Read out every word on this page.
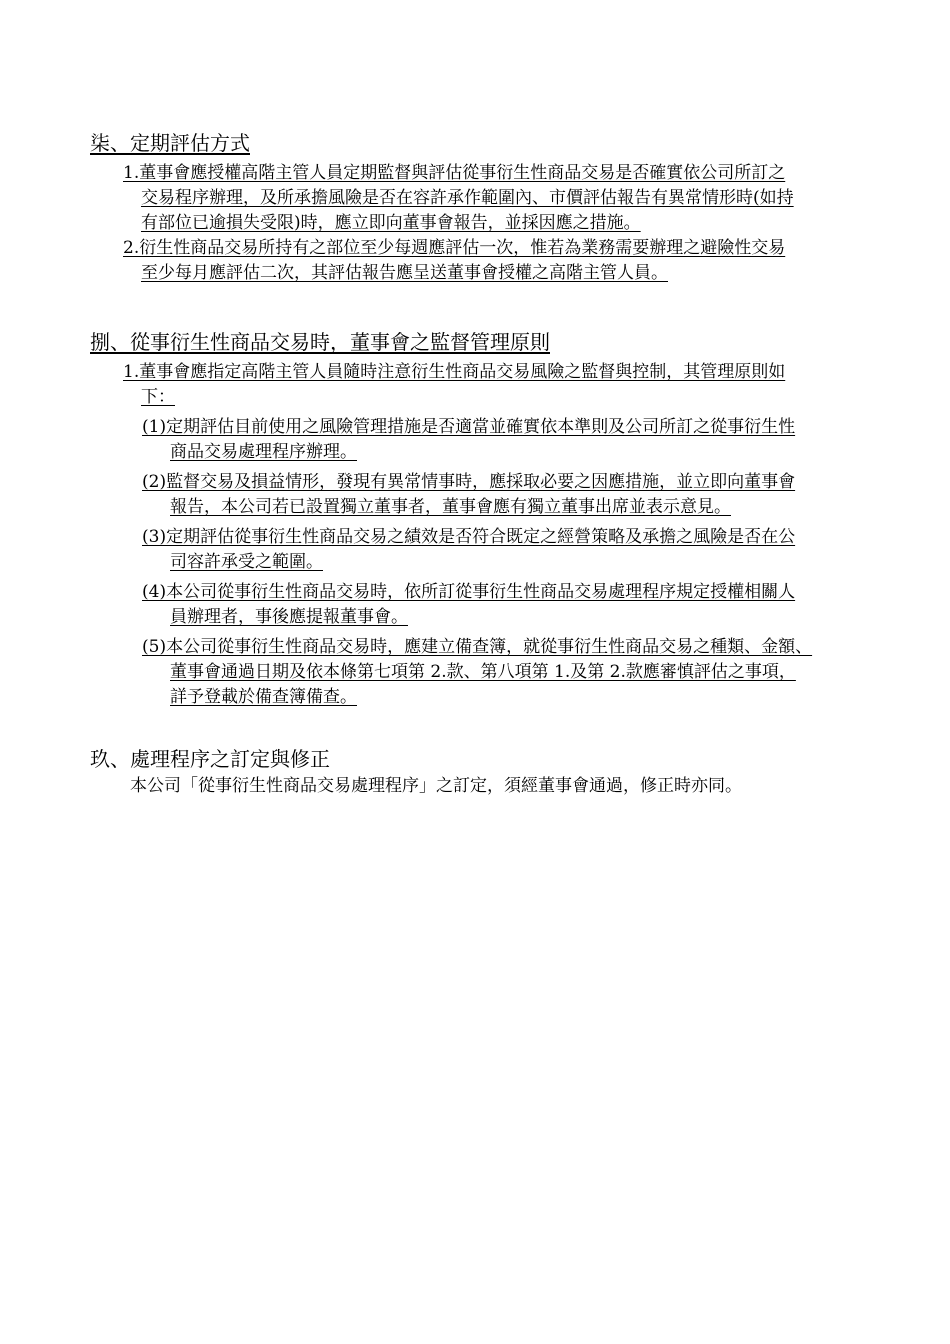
柒、定期評估方式

1.董事會應授權高階主管人員定期監督與評估從事衍生性商品交易是否確實依公司所訂之
交易程序辦理，及所承擔風險是否在容許承作範圍內、市價評估報告有異常情形時(如持
有部位已逾損失受限)時，應立即向董事會報告，並採因應之措施。

2.衍生性商品交易所持有之部位至少每週應評估一次，惟若為業務需要辦理之避險性交易
至少每月應評估二次，其評估報告應呈送董事會授權之高階主管人員。

捌、從事衍生性商品交易時，董事會之監督管理原則

1.董事會應指定高階主管人員隨時注意衍生性商品交易風險之監督與控制，其管理原則如
下：

(1)定期評估目前使用之風險管理措施是否適當並確實依本準則及公司所訂之從事衍生性
商品交易處理程序辦理。

(2)監督交易及損益情形，發現有異常情事時，應採取必要之因應措施，並立即向董事會
報告，本公司若已設置獨立董事者，董事會應有獨立董事出席並表示意見。

(3)定期評估從事衍生性商品交易之績效是否符合既定之經營策略及承擔之風險是否在公
司容許承受之範圍。

(4)本公司從事衍生性商品交易時，依所訂從事衍生性商品交易處理程序規定授權相關人
員辦理者，事後應提報董事會。

(5)本公司從事衍生性商品交易時，應建立備查簿，就從事衍生性商品交易之種類、金額、
董事會通過日期及依本條第七項第 2.款、第八項第 1.及第 2.款應審慎評估之事項，
詳予登載於備查簿備查。

玖、處理程序之訂定與修正

本公司「從事衍生性商品交易處理程序」之訂定，須經董事會通過，修正時亦同。
